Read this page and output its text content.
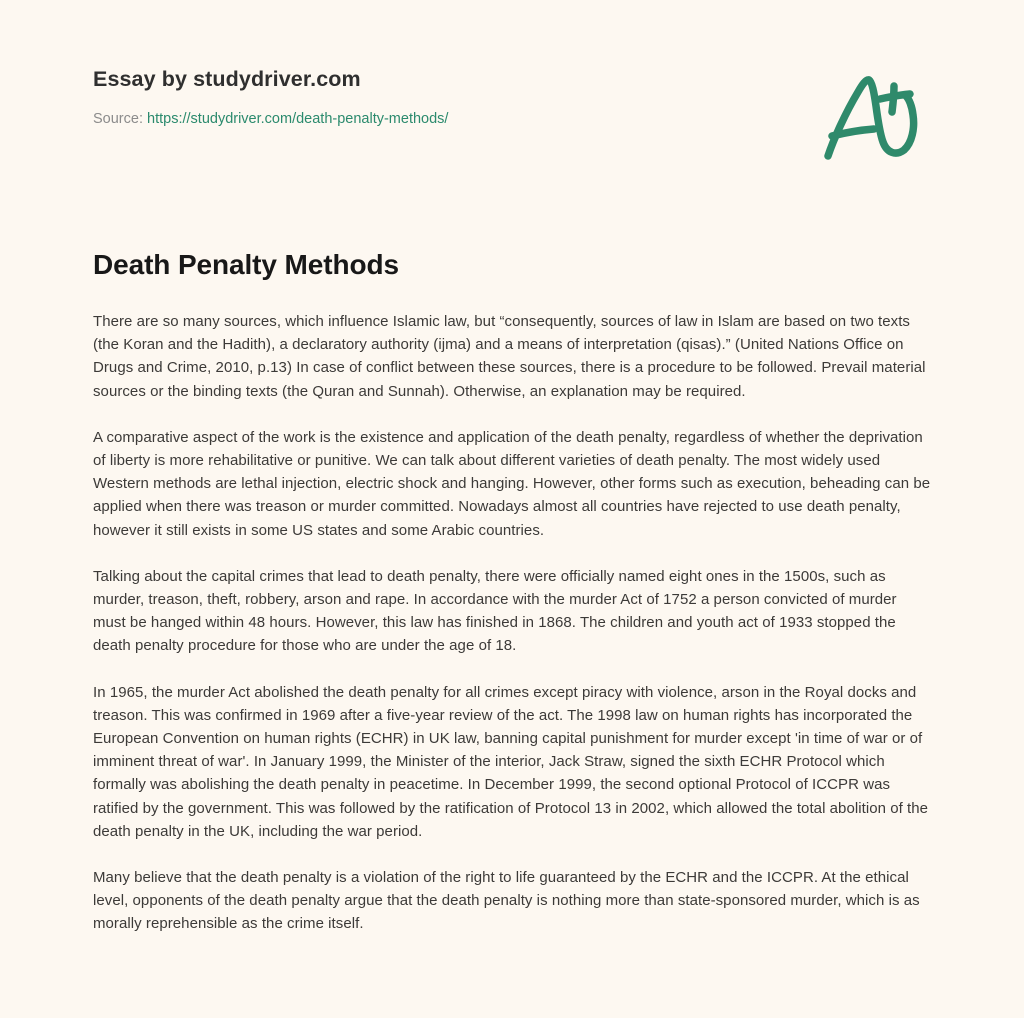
Essay by studydriver.com

Source: https://studydriver.com/death-penalty-methods/

Death Penalty Methods

There are so many sources, which influence Islamic law, but “consequently, sources of law in Islam are based on two texts (the Koran and the Hadith), a declaratory authority (ijma) and a means of interpretation (qisas).” (United Nations Office on Drugs and Crime, 2010, p.13) In case of conflict between these sources, there is a procedure to be followed. Prevail material sources or the binding texts (the Quran and Sunnah). Otherwise, an explanation may be required.

A comparative aspect of the work is the existence and application of the death penalty, regardless of whether the deprivation of liberty is more rehabilitative or punitive. We can talk about different varieties of death penalty. The most widely used Western methods are lethal injection, electric shock and hanging. However, other forms such as execution, beheading can be applied when there was treason or murder committed. Nowadays almost all countries have rejected to use death penalty, however it still exists in some US states and some Arabic countries.

Talking about the capital crimes that lead to death penalty, there were officially named eight ones in the 1500s, such as murder, treason, theft, robbery, arson and rape. In accordance with the murder Act of 1752 a person convicted of murder must be hanged within 48 hours. However, this law has finished in 1868. The children and youth act of 1933 stopped the death penalty procedure for those who are under the age of 18.

In 1965, the murder Act abolished the death penalty for all crimes except piracy with violence, arson in the Royal docks and treason. This was confirmed in 1969 after a five-year review of the act. The 1998 law on human rights has incorporated the European Convention on human rights (ECHR) in UK law, banning capital punishment for murder except 'in time of war or of imminent threat of war'. In January 1999, the Minister of the interior, Jack Straw, signed the sixth ECHR Protocol which formally was abolishing the death penalty in peacetime. In December 1999, the second optional Protocol of ICCPR was ratified by the government. This was followed by the ratification of Protocol 13 in 2002, which allowed the total abolition of the death penalty in the UK, including the war period.

Many believe that the death penalty is a violation of the right to life guaranteed by the ECHR and the ICCPR. At the ethical level, opponents of the death penalty argue that the death penalty is nothing more than state-sponsored murder, which is as morally reprehensible as the crime itself.
